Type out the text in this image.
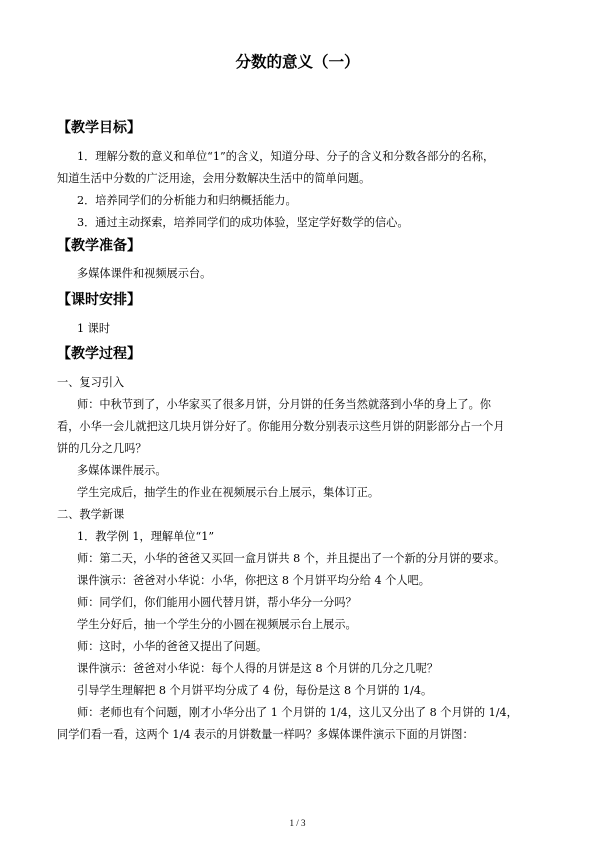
分数的意义（一）
【教学目标】
1．理解分数的意义和单位“1”的含义，知道分母、分子的含义和分数各部分的名称，
知道生活中分数的广泛用途，会用分数解决生活中的简单问题。
2．培养同学们的分析能力和归纳概括能力。
3．通过主动探索，培养同学们的成功体验，坚定学好数学的信心。
【教学准备】
多媒体课件和视频展示台。
【课时安排】
1 课时
【教学过程】
一、复习引入
师：中秋节到了，小华家买了很多月饼，分月饼的任务当然就落到小华的身上了。你
看，小华一会儿就把这几块月饼分好了。你能用分数分别表示这些月饼的阴影部分占一个月
饼的几分之几吗？
多媒体课件展示。
学生完成后，抽学生的作业在视频展示台上展示，集体订正。
二、教学新课
1．教学例 1，理解单位“1”
师：第二天，小华的爸爸又买回一盒月饼共 8 个，并且提出了一个新的分月饼的要求。
课件演示：爸爸对小华说：小华，你把这 8 个月饼平均分给 4 个人吧。
师：同学们，你们能用小圆代替月饼，帮小华分一分吗？
学生分好后，抽一个学生分的小圆在视频展示台上展示。
师：这时，小华的爸爸又提出了问题。
课件演示：爸爸对小华说：每个人得的月饼是这 8 个月饼的几分之几呢？
引导学生理解把 8 个月饼平均分成了 4 份，每份是这 8 个月饼的 1/4。
师：老师也有个问题，刚才小华分出了 1 个月饼的 1/4，这儿又分出了 8 个月饼的 1/4，
同学们看一看，这两个 1/4 表示的月饼数量一样吗？多媒体课件演示下面的月饼图：
1 / 3
